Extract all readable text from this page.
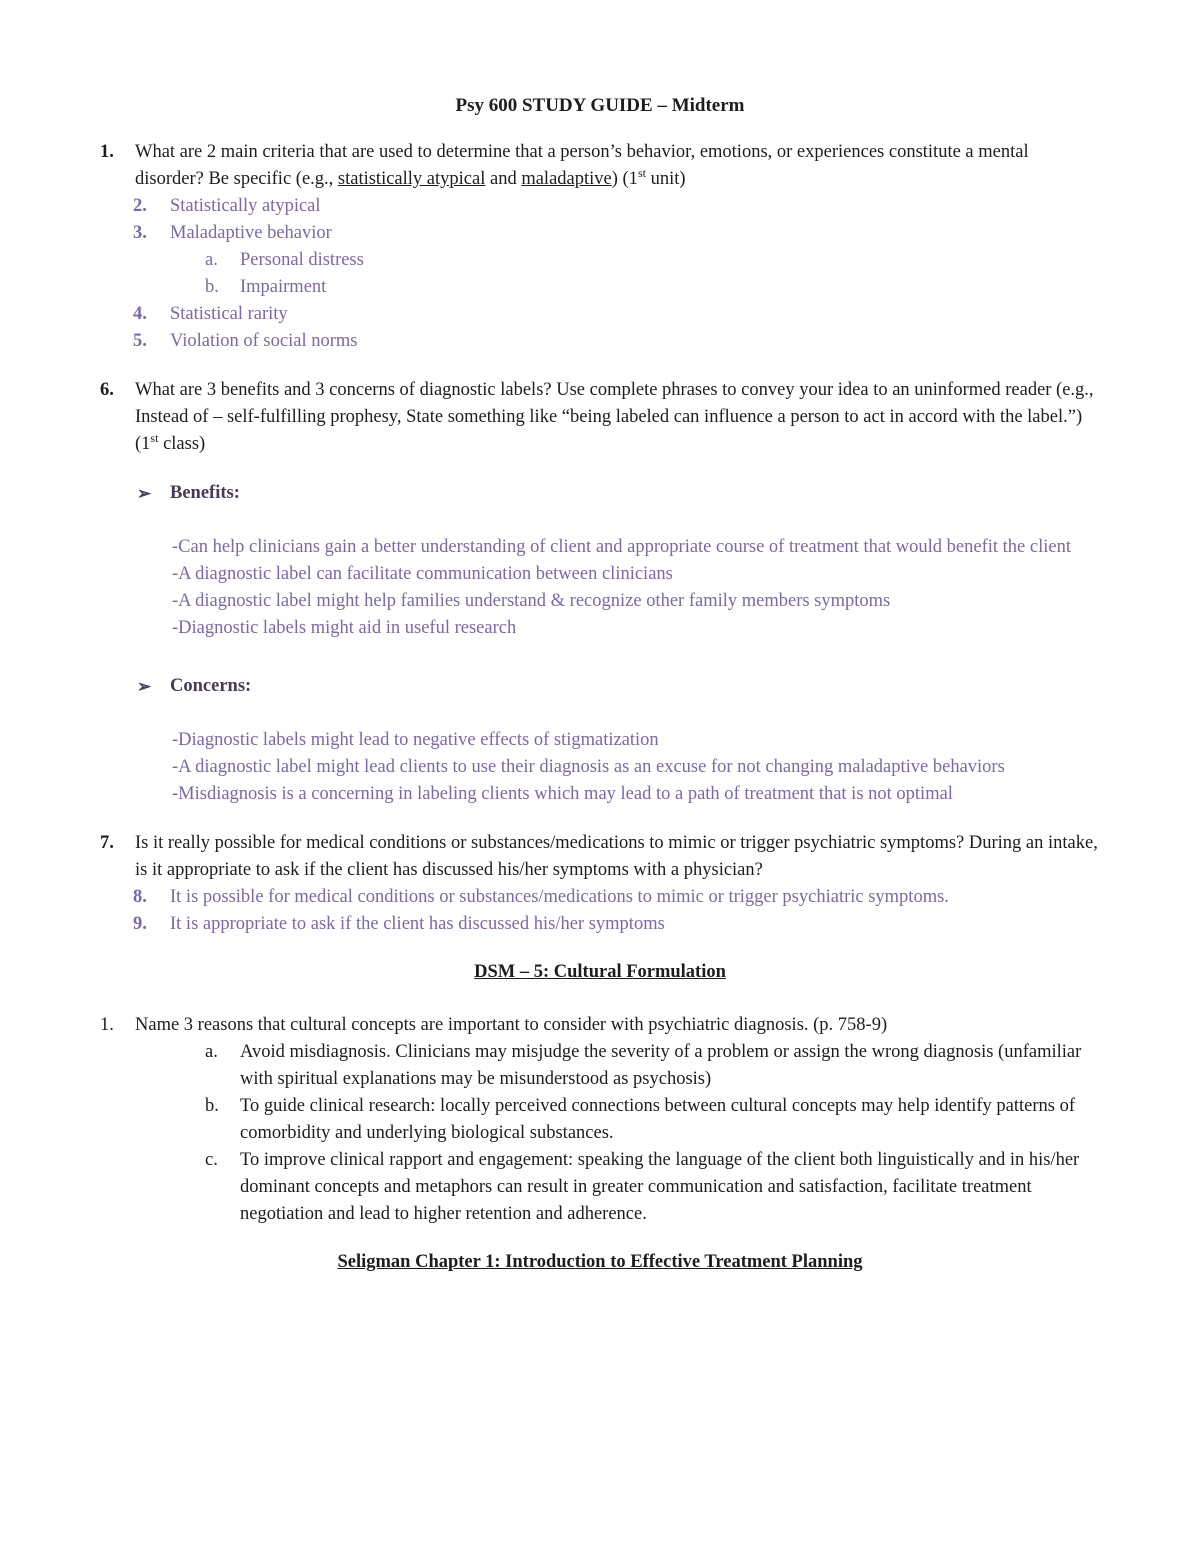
Psy 600 STUDY GUIDE – Midterm
1.	What are 2 main criteria that are used to determine that a person’s behavior, emotions, or experiences constitute a mental disorder? Be specific (e.g., statistically atypical and maladaptive) (1st unit)
2.	Statistically atypical
3.	Maladaptive behavior
a.	Personal distress
b.	Impairment
4.	Statistical rarity
5.	Violation of social norms
6.	What are 3 benefits and 3 concerns of diagnostic labels? Use complete phrases to convey your idea to an uninformed reader (e.g., Instead of – self-fulfilling prophesy, State something like “being labeled can influence a person to act in accord with the label.”) (1st class)
➢	Benefits:
-Can help clinicians gain a better understanding of client and appropriate course of treatment that would benefit the client
-A diagnostic label can facilitate communication between clinicians
-A diagnostic label might help families understand & recognize other family members symptoms
-Diagnostic labels might aid in useful research
➢	Concerns:
-Diagnostic labels might lead to negative effects of stigmatization
-A diagnostic label might lead clients to use their diagnosis as an excuse for not changing maladaptive behaviors
-Misdiagnosis is a concerning in labeling clients which may lead to a path of treatment that is not optimal
7.	Is it really possible for medical conditions or substances/medications to mimic or trigger psychiatric symptoms? During an intake, is it appropriate to ask if the client has discussed his/her symptoms with a physician?
8.	It is possible for medical conditions or substances/medications to mimic or trigger psychiatric symptoms.
9.	It is appropriate to ask if the client has discussed his/her symptoms
DSM – 5: Cultural Formulation
1.	Name 3 reasons that cultural concepts are important to consider with psychiatric diagnosis. (p. 758-9)
a.	Avoid misdiagnosis. Clinicians may misjudge the severity of a problem or assign the wrong diagnosis (unfamiliar with spiritual explanations may be misunderstood as psychosis)
b.	To guide clinical research: locally perceived connections between cultural concepts may help identify patterns of comorbidity and underlying biological substances.
c.	To improve clinical rapport and engagement: speaking the language of the client both linguistically and in his/her dominant concepts and metaphors can result in greater communication and satisfaction, facilitate treatment negotiation and lead to higher retention and adherence.
Seligman Chapter 1: Introduction to Effective Treatment Planning
